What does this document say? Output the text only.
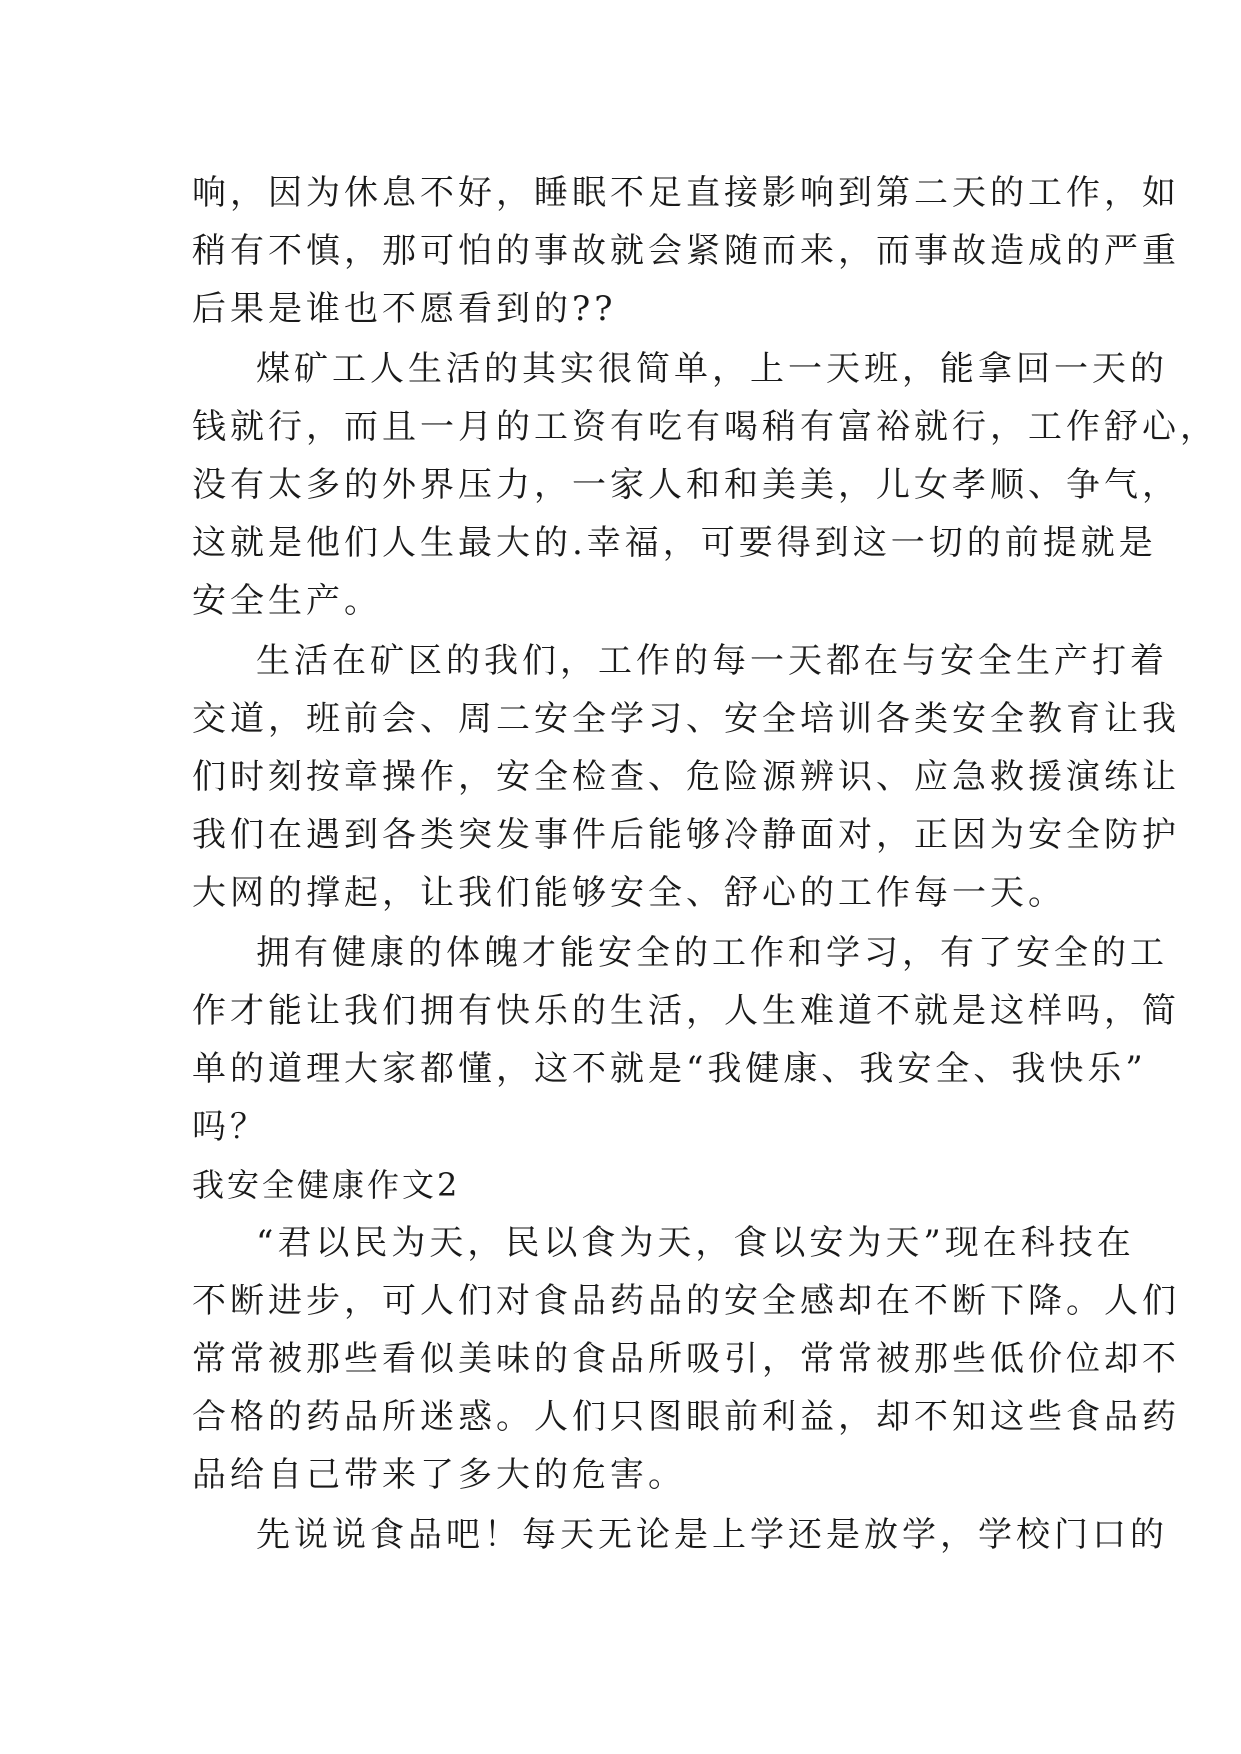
响，因为休息不好，睡眠不足直接影响到第二天的工作，如
稍有不慎，那可怕的事故就会紧随而来，而事故造成的严重
后果是谁也不愿看到的??
煤矿工人生活的其实很简单，上一天班，能拿回一天的
钱就行，而且一月的工资有吃有喝稍有富裕就行，工作舒心，
没有太多的外界压力，一家人和和美美，儿女孝顺、争气，
这就是他们人生最大的.幸福，可要得到这一切的前提就是
安全生产。
生活在矿区的我们，工作的每一天都在与安全生产打着
交道，班前会、周二安全学习、安全培训各类安全教育让我
们时刻按章操作，安全检查、危险源辨识、应急救援演练让
我们在遇到各类突发事件后能够冷静面对，正因为安全防护
大网的撑起，让我们能够安全、舒心的工作每一天。
拥有健康的体魄才能安全的工作和学习，有了安全的工
作才能让我们拥有快乐的生活，人生难道不就是这样吗，简
单的道理大家都懂，这不就是“我健康、我安全、我快乐”
吗？
我安全健康作文2
“君以民为天，民以食为天，食以安为天”现在科技在
不断进步，可人们对食品药品的安全感却在不断下降。人们
常常被那些看似美味的食品所吸引，常常被那些低价位却不
合格的药品所迷惑。人们只图眼前利益，却不知这些食品药
品给自己带来了多大的危害。
先说说食品吧！每天无论是上学还是放学，学校门口的
